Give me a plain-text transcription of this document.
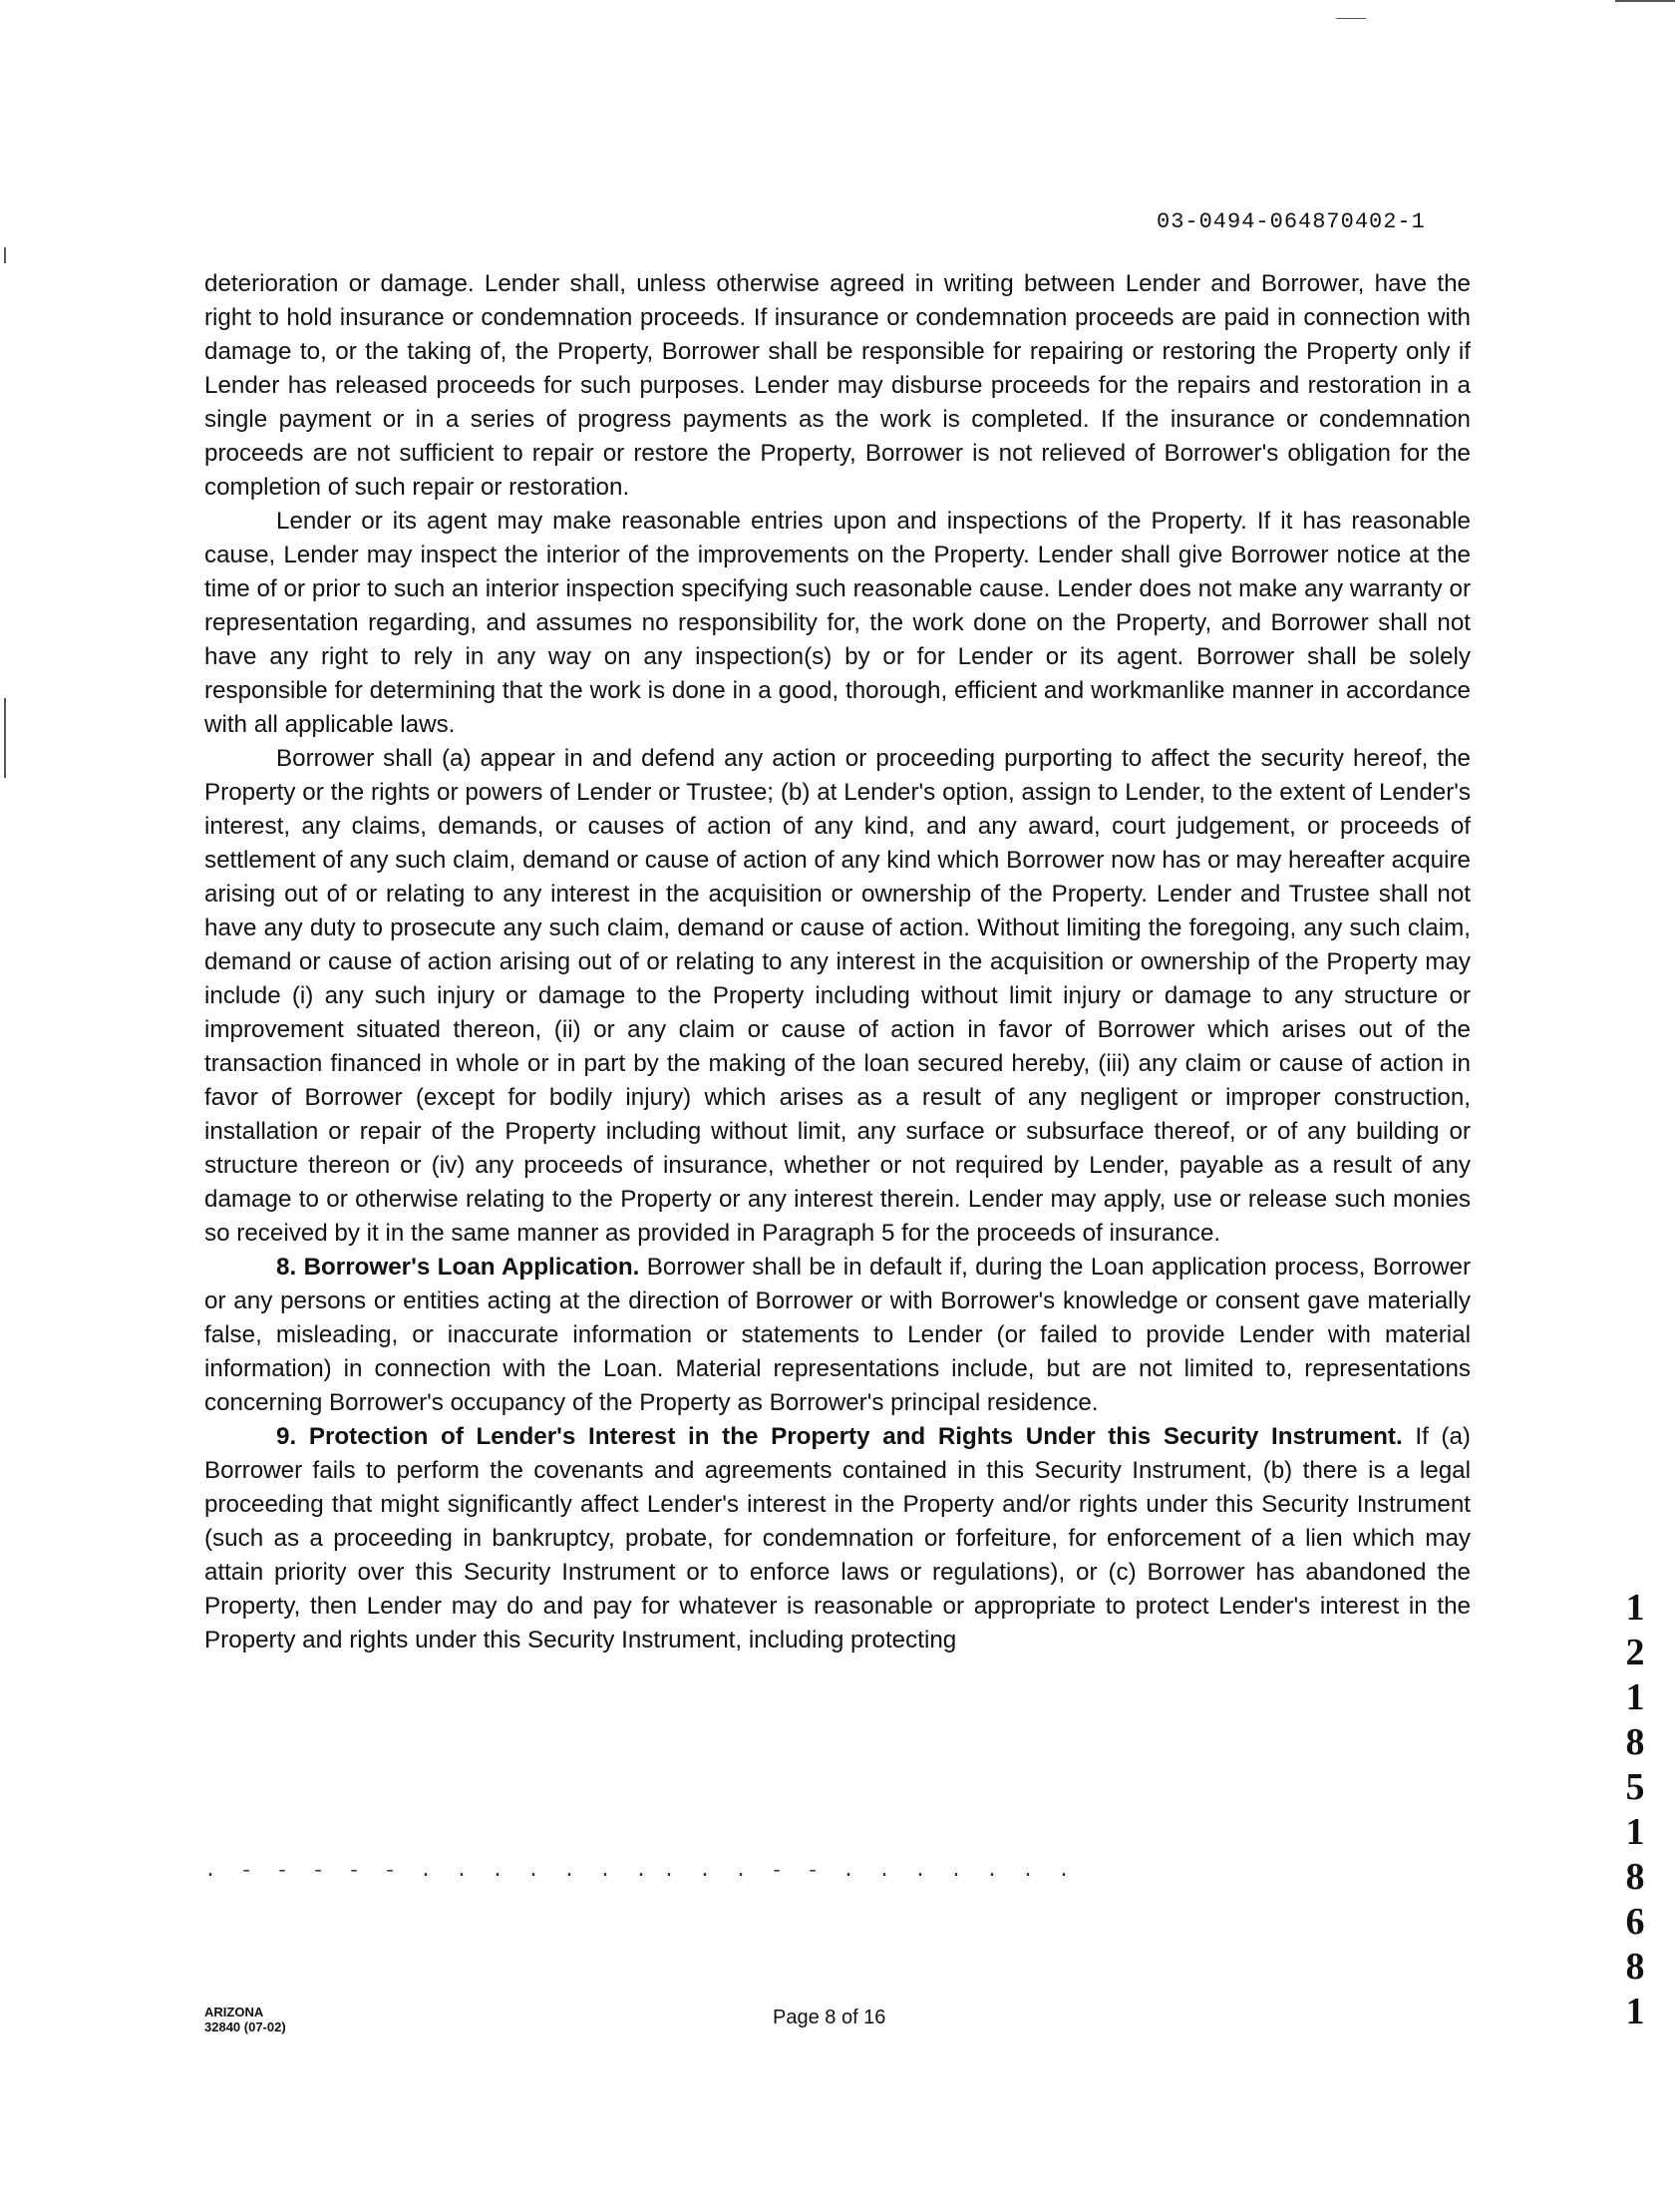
. - - - - - . . . . . . . . . . - - . . . . . . .
03-0494-064870402-1

deterioration or damage. Lender shall, unless otherwise agreed in writing between Lender and Borrower, have the right to hold insurance or condemnation proceeds. If insurance or condemnation proceeds are paid in connection with damage to, or the taking of, the Property, Borrower shall be responsible for repairing or restoring the Property only if Lender has released proceeds for such purposes. Lender may disburse proceeds for the repairs and restoration in a single payment or in a series of progress payments as the work is completed. If the insurance or condemnation proceeds are not sufficient to repair or restore the Property, Borrower is not relieved of Borrower's obligation for the completion of such repair or restoration.

Lender or its agent may make reasonable entries upon and inspections of the Property. If it has reasonable cause, Lender may inspect the interior of the improvements on the Property. Lender shall give Borrower notice at the time of or prior to such an interior inspection specifying such reasonable cause. Lender does not make any warranty or representation regarding, and assumes no responsibility for, the work done on the Property, and Borrower shall not have any right to rely in any way on any inspection(s) by or for Lender or its agent. Borrower shall be solely responsible for determining that the work is done in a good, thorough, efficient and workmanlike manner in accordance with all applicable laws.

Borrower shall (a) appear in and defend any action or proceeding purporting to affect the security hereof, the Property or the rights or powers of Lender or Trustee; (b) at Lender's option, assign to Lender, to the extent of Lender's interest, any claims, demands, or causes of action of any kind, and any award, court judgement, or proceeds of settlement of any such claim, demand or cause of action of any kind which Borrower now has or may hereafter acquire arising out of or relating to any interest in the acquisition or ownership of the Property. Lender and Trustee shall not have any duty to prosecute any such claim, demand or cause of action. Without limiting the foregoing, any such claim, demand or cause of action arising out of or relating to any interest in the acquisition or ownership of the Property may include (i) any such injury or damage to the Property including without limit injury or damage to any structure or improvement situated thereon, (ii) or any claim or cause of action in favor of Borrower which arises out of the transaction financed in whole or in part by the making of the loan secured hereby, (iii) any claim or cause of action in favor of Borrower (except for bodily injury) which arises as a result of any negligent or improper construction, installation or repair of the Property including without limit, any surface or subsurface thereof, or of any building or structure thereon or (iv) any proceeds of insurance, whether or not required by Lender, payable as a result of any damage to or otherwise relating to the Property or any interest therein. Lender may apply, use or release such monies so received by it in the same manner as provided in Paragraph 5 for the proceeds of insurance.

8. Borrower's Loan Application. Borrower shall be in default if, during the Loan application process, Borrower or any persons or entities acting at the direction of Borrower or with Borrower's knowledge or consent gave materially false, misleading, or inaccurate information or statements to Lender (or failed to provide Lender with material information) in connection with the Loan. Material representations include, but are not limited to, representations concerning Borrower's occupancy of the Property as Borrower's principal residence.

9. Protection of Lender's Interest in the Property and Rights Under this Security Instrument. If (a) Borrower fails to perform the covenants and agreements contained in this Security Instrument, (b) there is a legal proceeding that might significantly affect Lender's interest in the Property and/or rights under this Security Instrument (such as a proceeding in bankruptcy, probate, for condemnation or forfeiture, for enforcement of a lien which may attain priority over this Security Instrument or to enforce laws or regulations), or (c) Borrower has abandoned the Property, then Lender may do and pay for whatever is reasonable or appropriate to protect Lender's interest in the Property and rights under this Security Instrument, including protecting

ARIZONA
32840 (07-02)	Page 8 of 16
1
2
1
8
5
1
8
6
8
1
